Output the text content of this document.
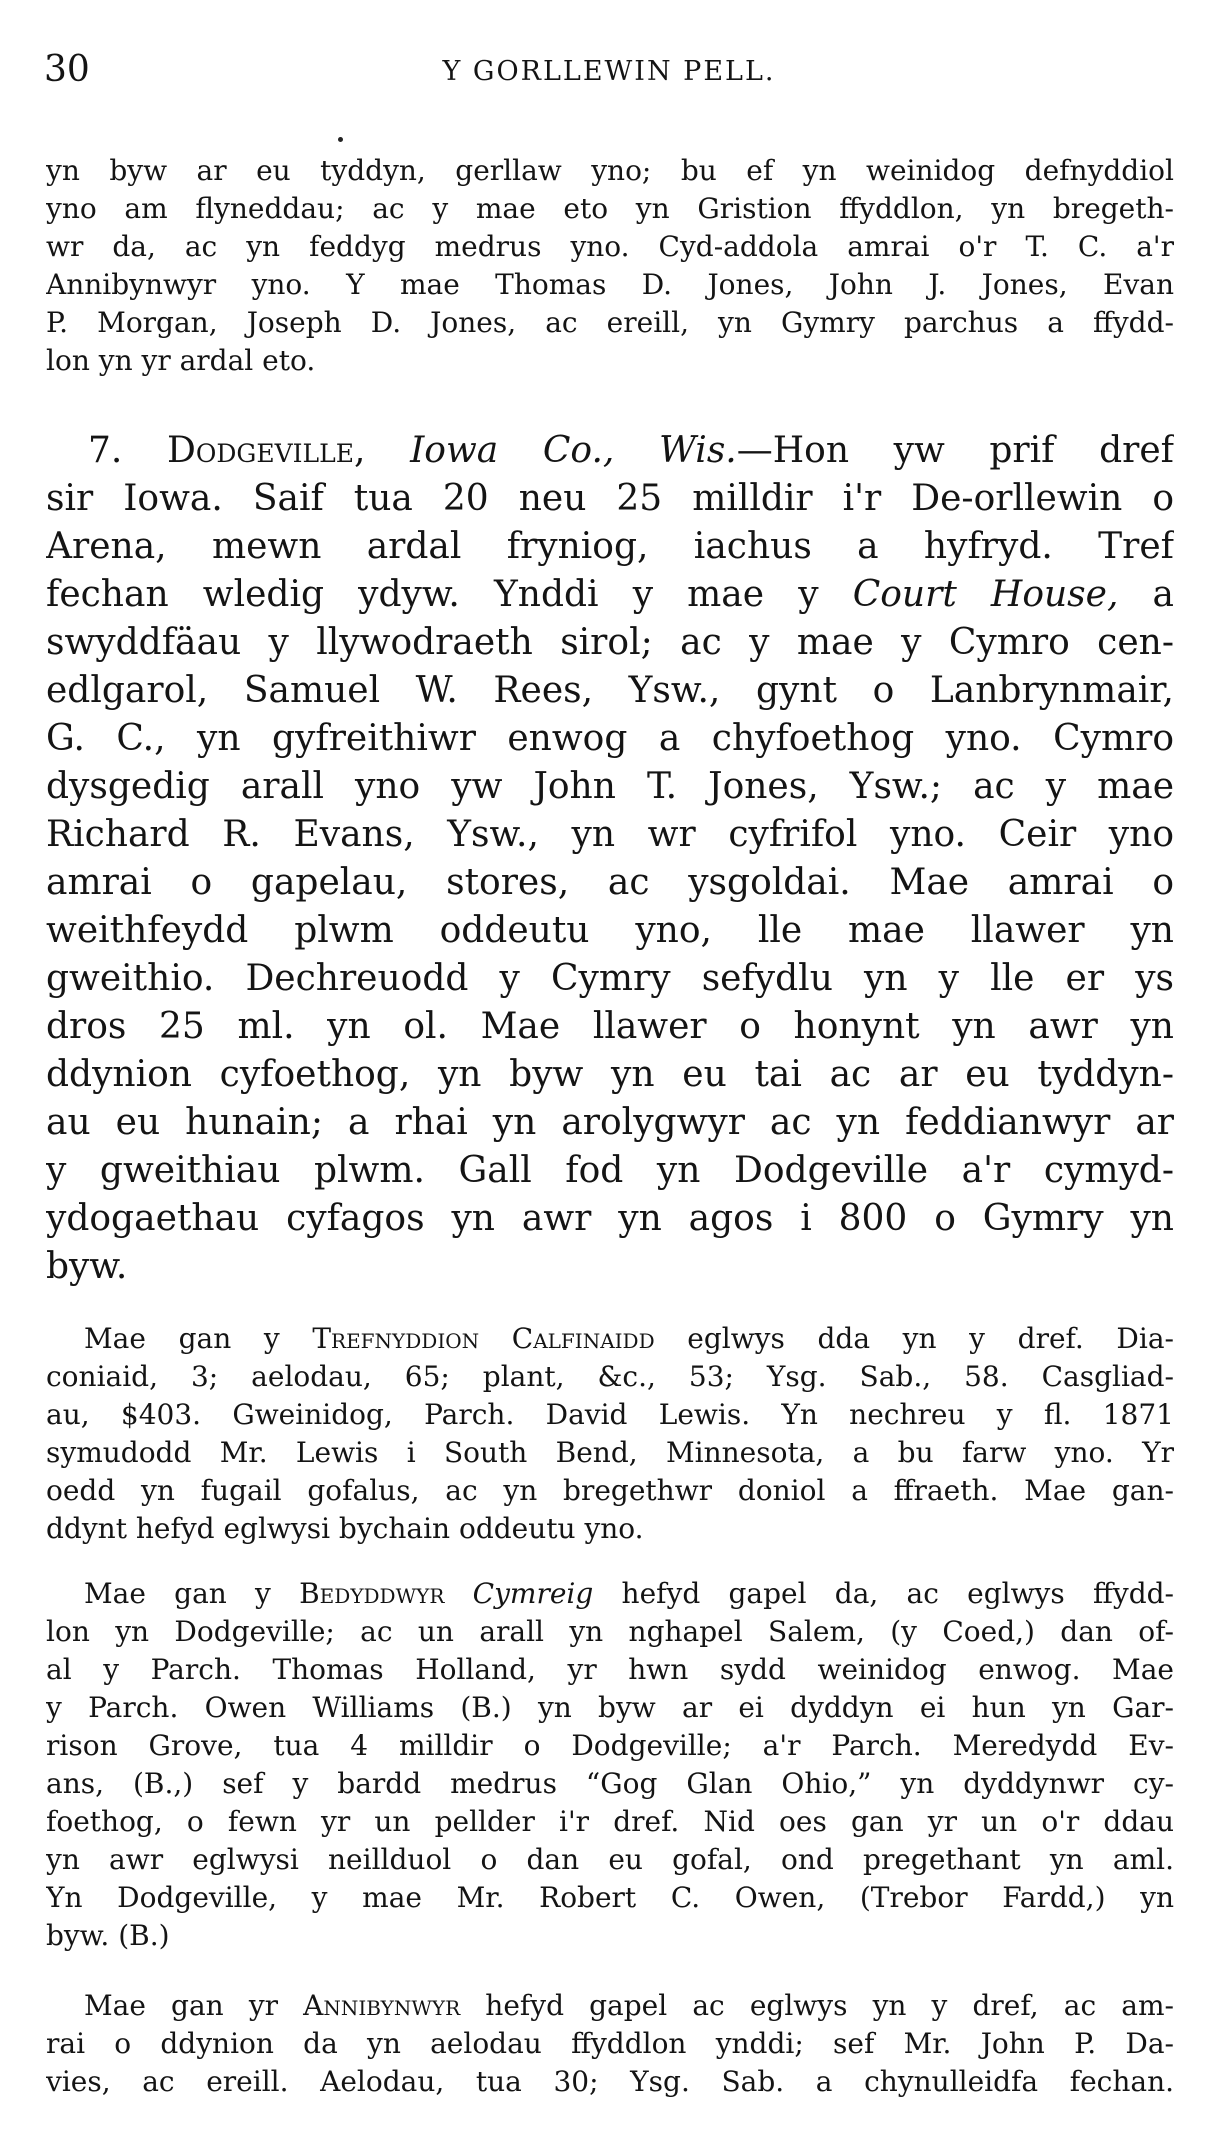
30	Y GORLLEWIN PELL.
yn byw ar eu tyddyn, gerllaw yno; bu ef yn weinidog defnyddiol
yno am flyneddau; ac y mae eto yn Gristion ffyddlon, yn bregeth-
wr da, ac yn feddyg medrus yno. Cyd-addola amrai o'r T. C. a'r
Annibynwyr yno. Y mae Thomas D. Jones, John J. Jones, Evan
P. Morgan, Joseph D. Jones, ac ereill, yn Gymry parchus a ffydd-
lon yn yr ardal eto.
7. Dodgeville, Iowa Co., Wis.—Hon yw prif dref
sir Iowa. Saif tua 20 neu 25 milldir i'r De-orllewin o
Arena, mewn ardal fryniog, iachus a hyfryd. Tref
fechan wledig ydyw. Ynddi y mae y Court House, a
swyddfäau y llywodraeth sirol; ac y mae y Cymro cen-
edlgarol, Samuel W. Rees, Ysw., gynt o Lanbrynmair,
G. C., yn gyfreithiwr enwog a chyfoethog yno. Cymro
dysgedig arall yno yw John T. Jones, Ysw.; ac y mae
Richard R. Evans, Ysw., yn wr cyfrifol yno. Ceir yno
amrai o gapelau, stores, ac ysgoldai. Mae amrai o
weithfeydd plwm oddeutu yno, lle mae llawer yn
gweithio. Dechreuodd y Cymry sefydlu yn y lle er ys
dros 25 ml. yn ol. Mae llawer o honynt yn awr yn
ddynion cyfoethog, yn byw yn eu tai ac ar eu tyddyn-
au eu hunain; a rhai yn arolygwyr ac yn feddianwyr ar
y gweithiau plwm. Gall fod yn Dodgeville a'r cymyd-
ydogaethau cyfagos yn awr yn agos i 800 o Gymry yn
byw.
Mae gan y Trefnyddion Calfinaidd eglwys dda yn y dref. Dia-
coniaid, 3; aelodau, 65; plant, &c., 53; Ysg. Sab., 58. Casgliad-
au, $403. Gweinidog, Parch. David Lewis. Yn nechreu y fl. 1871
symudodd Mr. Lewis i South Bend, Minnesota, a bu farw yno. Yr
oedd yn fugail gofalus, ac yn bregethwr doniol a ffraeth. Mae gan-
ddynt hefyd eglwysi bychain oddeutu yno.
Mae gan y Bedyddwyr Cymreig hefyd gapel da, ac eglwys ffydd-
lon yn Dodgeville; ac un arall yn nghapel Salem, (y Coed,) dan of-
al y Parch. Thomas Holland, yr hwn sydd weinidog enwog. Mae
y Parch. Owen Williams (B.) yn byw ar ei dyddyn ei hun yn Gar-
rison Grove, tua 4 milldir o Dodgeville; a'r Parch. Meredydd Ev-
ans, (B.,) sef y bardd medrus “Gog Glan Ohio,” yn dyddynwr cy-
foethog, o fewn yr un pellder i'r dref. Nid oes gan yr un o'r ddau
yn awr eglwysi neillduol o dan eu gofal, ond pregethant yn aml.
Yn Dodgeville, y mae Mr. Robert C. Owen, (Trebor Fardd,) yn
byw. (B.)
Mae gan yr Annibynwyr hefyd gapel ac eglwys yn y dref, ac am-
rai o ddynion da yn aelodau ffyddlon ynddi; sef Mr. John P. Da-
vies, ac ereill. Aelodau, tua 30; Ysg. Sab. a chynulleidfa fechan.
